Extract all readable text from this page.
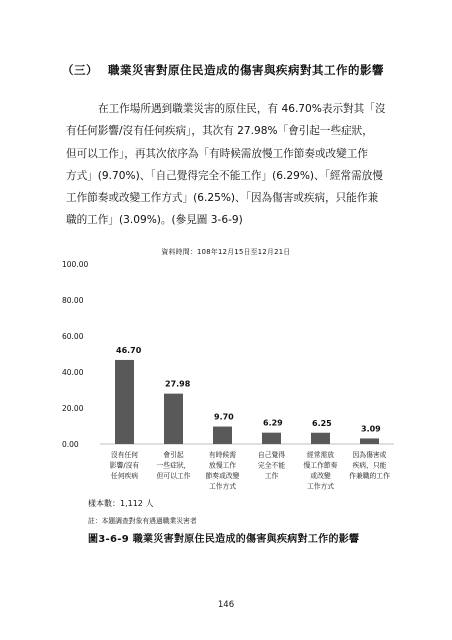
（三） 職業災害對原住民造成的傷害與疾病對其工作的影響

在工作場所遇到職業災害的原住民，有 46.70%表示對其「沒

有任何影響/沒有任何疾病」，其次有 27.98%「會引起一些症狀，

但可以工作」，再其次依序為「有時候需放慢工作節奏或改變工作

方式」(9.70%)、「自己覺得完全不能工作」(6.29%)、「經常需放慢

工作節奏或改變工作方式」(6.25%)、「因為傷害或疾病，只能作兼

職的工作」(3.09%)。(參見圖 3-6-9)

資料時間：108年12月15日至12月21日
0.00
20.00
40.00
60.00
80.00
100.00
46.70
沒有任何
影響/沒有
任何疾病
27.98
會引起
一些症狀，
但可以工作
9.70
有時候需
放慢工作
節奏或改變
工作方式
6.29
自己覺得
完全不能
工作
6.25
經常需放
慢工作節奏
或改變
工作方式
3.09
因為傷害或
疾病，只能
作兼職的工作
樣本數：1,112 人
註：本題調查對象有遇過職業災害者
圖3-6-9 職業災害對原住民造成的傷害與疾病對工作的影響
146
